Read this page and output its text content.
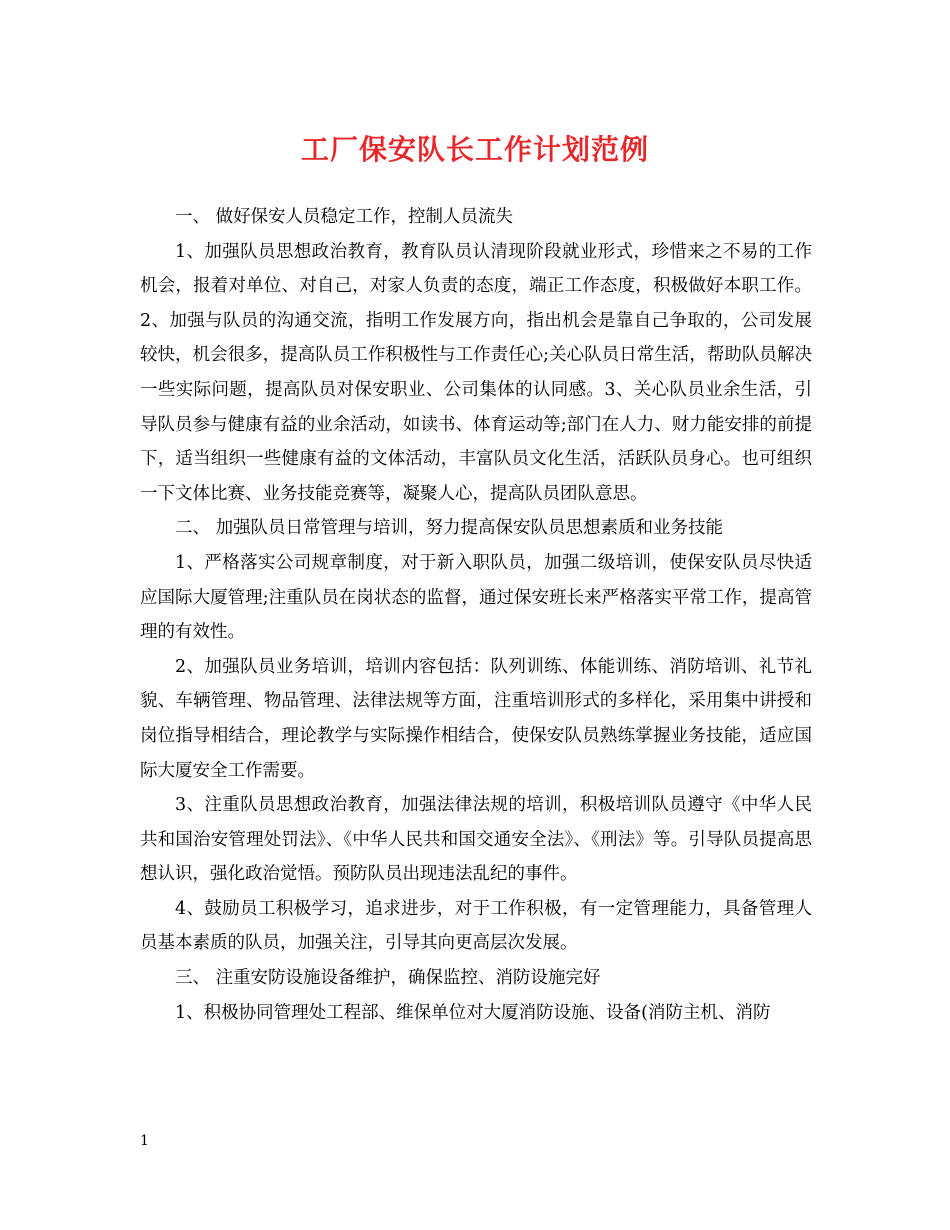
工厂保安队长工作计划范例

一、 做好保安人员稳定工作，控制人员流失

1、加强队员思想政治教育，教育队员认清现阶段就业形式，珍惜来之不易的工作机会，报着对单位、对自己，对家人负责的态度，端正工作态度，积极做好本职工作。 2、加强与队员的沟通交流，指明工作发展方向，指出机会是靠自己争取的，公司发展较快，机会很多，提高队员工作积极性与工作责任心;关心队员日常生活，帮助队员解决一些实际问题，提高队员对保安职业、公司集体的认同感。3、关心队员业余生活，引导队员参与健康有益的业余活动，如读书、体育运动等;部门在人力、财力能安排的前提下，适当组织一些健康有益的文体活动，丰富队员文化生活，活跃队员身心。也可组织一下文体比赛、业务技能竞赛等，凝聚人心，提高队员团队意思。

二、 加强队员日常管理与培训，努力提高保安队员思想素质和业务技能

1、严格落实公司规章制度，对于新入职队员，加强二级培训，使保安队员尽快适应国际大厦管理;注重队员在岗状态的监督，通过保安班长来严格落实平常工作，提高管理的有效性。

2、加强队员业务培训，培训内容包括：队列训练、体能训练、消防培训、礼节礼貌、车辆管理、物品管理、法律法规等方面，注重培训形式的多样化，采用集中讲授和岗位指导相结合，理论教学与实际操作相结合，使保安队员熟练掌握业务技能，适应国际大厦安全工作需要。

3、注重队员思想政治教育，加强法律法规的培训，积极培训队员遵守《中华人民共和国治安管理处罚法》、《中华人民共和国交通安全法》、《刑法》等。引导队员提高思想认识，强化政治觉悟。预防队员出现违法乱纪的事件。

4、鼓励员工积极学习，追求进步，对于工作积极，有一定管理能力，具备管理人员基本素质的队员，加强关注，引导其向更高层次发展。

三、 注重安防设施设备维护，确保监控、消防设施完好

1、积极协同管理处工程部、维保单位对大厦消防设施、设备(消防主机、消防

1
